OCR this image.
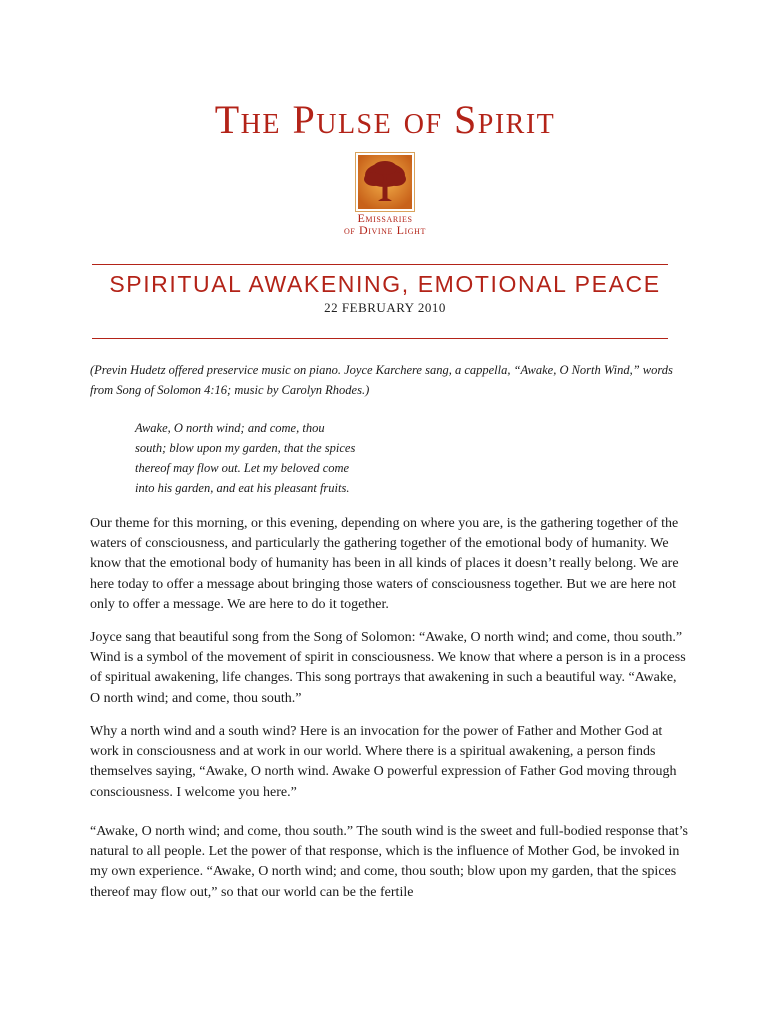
The Pulse of Spirit
Emissaries
of Divine Light
SPIRITUAL AWAKENING, EMOTIONAL PEACE
22 FEBRUARY 2010

(Previn Hudetz offered preservice music on piano. Joyce Karchere sang, a cappella, “Awake, O North Wind,” words from Song of Solomon 4:16; music by Carolyn Rhodes.)

Awake, O north wind; and come, thou
south; blow upon my garden, that the spices
thereof may flow out. Let my beloved come
into his garden, and eat his pleasant fruits.

Our theme for this morning, or this evening, depending on where you are, is the gathering together of the waters of consciousness, and particularly the gathering together of the emotional body of humanity. We know that the emotional body of humanity has been in all kinds of places it doesn’t really belong. We are here today to offer a message about bringing those waters of consciousness together. But we are here not only to offer a message. We are here to do it together.

Joyce sang that beautiful song from the Song of Solomon: “Awake, O north wind; and come, thou south.” Wind is a symbol of the movement of spirit in consciousness. We know that where a person is in a process of spiritual awakening, life changes. This song portrays that awakening in such a beautiful way. “Awake, O north wind; and come, thou south.”

Why a north wind and a south wind? Here is an invocation for the power of Father and Mother God at work in consciousness and at work in our world. Where there is a spiritual awakening, a person finds themselves saying, “Awake, O north wind. Awake O powerful expression of Father God moving through consciousness. I welcome you here.”

“Awake, O north wind; and come, thou south.” The south wind is the sweet and full-bodied response that’s natural to all people. Let the power of that response, which is the influence of Mother God, be invoked in my own experience. “Awake, O north wind; and come, thou south; blow upon my garden, that the spices thereof may flow out,” so that our world can be the fertile
